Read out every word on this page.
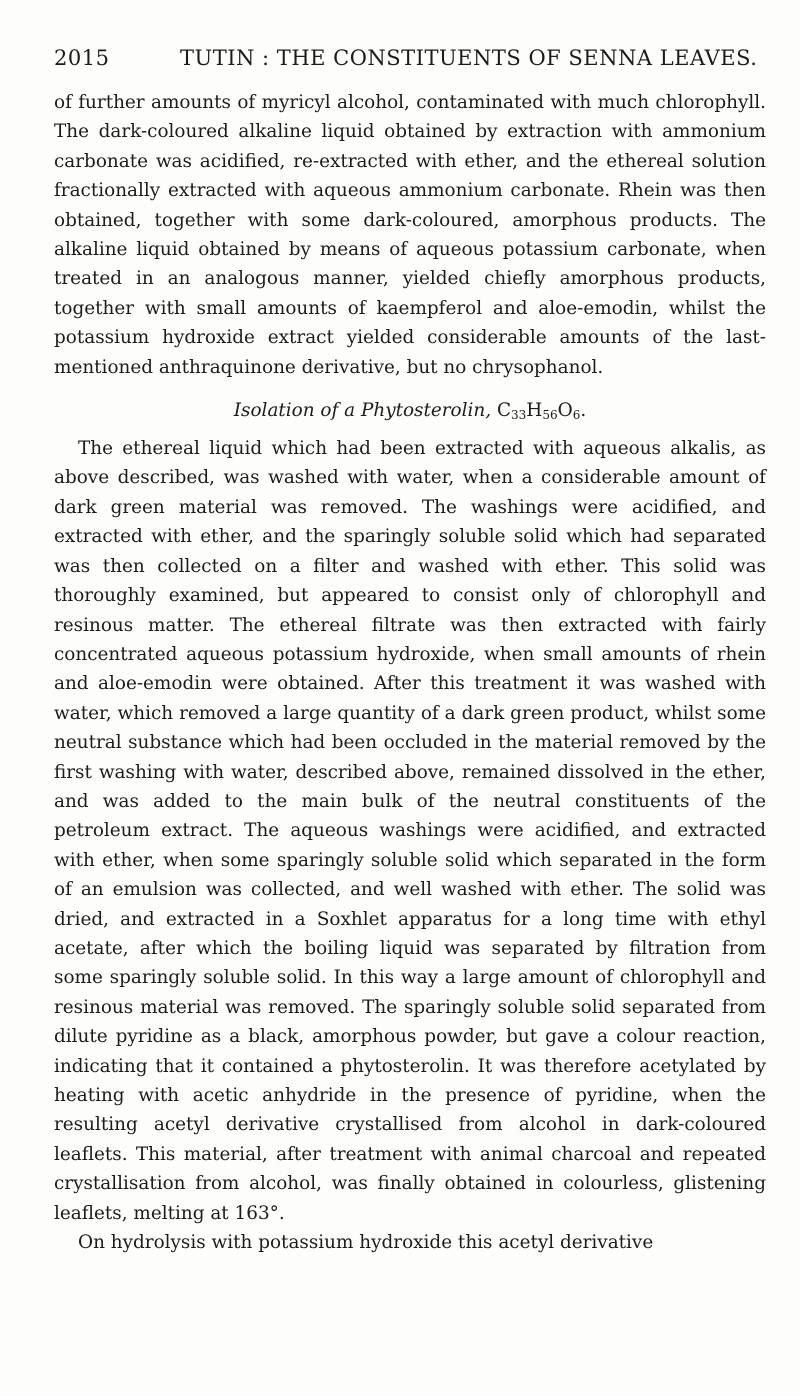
2015	TUTIN : THE CONSTITUENTS OF SENNA LEAVES.

of further amounts of myricyl alcohol, contaminated with much chlorophyll. The dark-coloured alkaline liquid obtained by extraction with ammonium carbonate was acidified, re-extracted with ether, and the ethereal solution fractionally extracted with aqueous ammonium carbonate. Rhein was then obtained, together with some dark-coloured, amorphous products. The alkaline liquid obtained by means of aqueous potassium carbonate, when treated in an analogous manner, yielded chiefly amorphous products, together with small amounts of kaempferol and aloe-emodin, whilst the potassium hydroxide extract yielded considerable amounts of the last-mentioned anthraquinone derivative, but no chrysophanol.

Isolation of a Phytosterolin, $C_{33}H_{56}O_6$.

The ethereal liquid which had been extracted with aqueous alkalis, as above described, was washed with water, when a considerable amount of dark green material was removed. The washings were acidified, and extracted with ether, and the sparingly soluble solid which had separated was then collected on a filter and washed with ether. This solid was thoroughly examined, but appeared to consist only of chlorophyll and resinous matter. The ethereal filtrate was then extracted with fairly concentrated aqueous potassium hydroxide, when small amounts of rhein and aloe-emodin were obtained. After this treatment it was washed with water, which removed a large quantity of a dark green product, whilst some neutral substance which had been occluded in the material removed by the first washing with water, described above, remained dissolved in the ether, and was added to the main bulk of the neutral constituents of the petroleum extract. The aqueous washings were acidified, and extracted with ether, when some sparingly soluble solid which separated in the form of an emulsion was collected, and well washed with ether. The solid was dried, and extracted in a Soxhlet apparatus for a long time with ethyl acetate, after which the boiling liquid was separated by filtration from some sparingly soluble solid. In this way a large amount of chlorophyll and resinous material was removed. The sparingly soluble solid separated from dilute pyridine as a black, amorphous powder, but gave a colour reaction, indicating that it contained a phytosterolin. It was therefore acetylated by heating with acetic anhydride in the presence of pyridine, when the resulting acetyl derivative crystallised from alcohol in dark-coloured leaflets. This material, after treatment with animal charcoal and repeated crystallisation from alcohol, was finally obtained in colourless, glistening leaflets, melting at 163°.

On hydrolysis with potassium hydroxide this acetyl derivative
